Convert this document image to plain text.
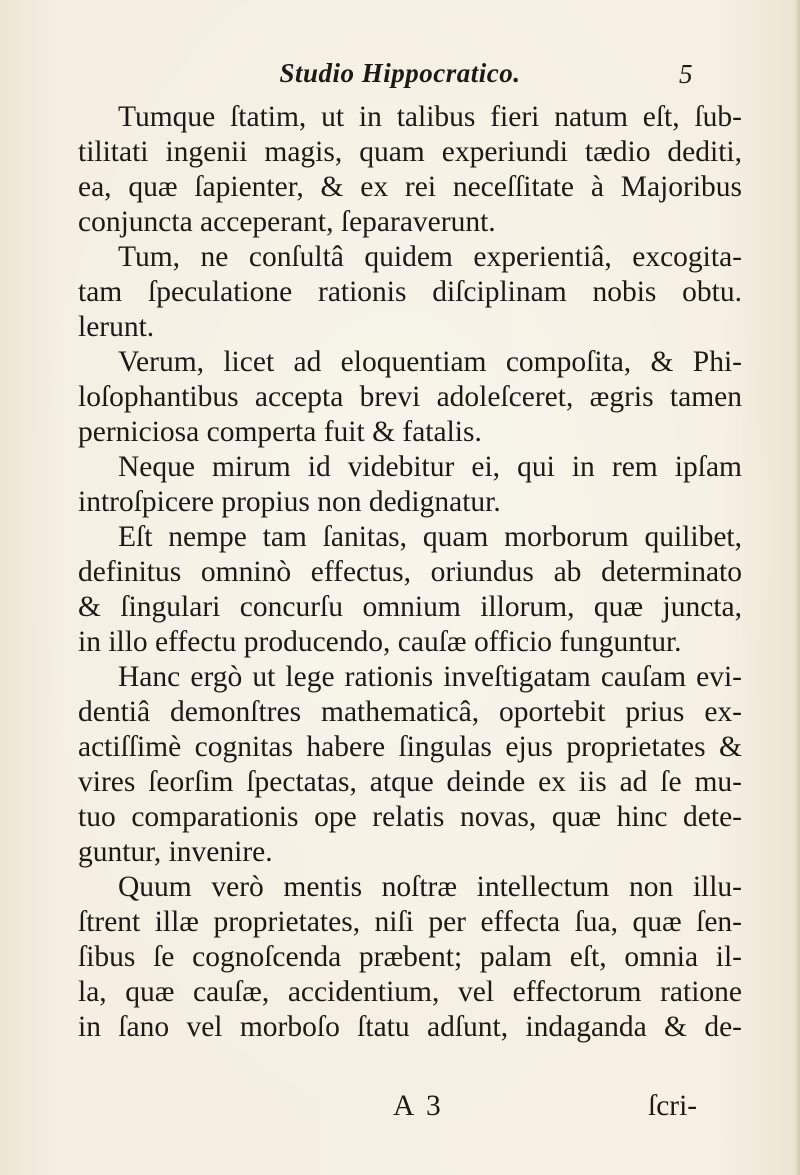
Studio Hippocratico.	5
Tumque ſtatim, ut in talibus fieri natum eſt, ſub-
tilitati ingenii magis, quam experiundi tædio dediti,
ea, quæ ſapienter, & ex rei neceſſitate à Majoribus
conjuncta acceperant, ſeparaverunt.
Tum, ne conſultâ quidem experientiâ, excogita-
tam ſpeculatione rationis diſciplinam nobis obtu.
lerunt.
Verum, licet ad eloquentiam compoſita, & Phi-
loſophantibus accepta brevi adoleſceret, ægris tamen
perniciosa comperta fuit & fatalis.
Neque mirum id videbitur ei, qui in rem ipſam
introſpicere propius non dedignatur.
Eſt nempe tam ſanitas, quam morborum quilibet,
definitus omninò effectus, oriundus ab determinato
& ſingulari concurſu omnium illorum, quæ juncta,
in illo effectu producendo, cauſæ officio funguntur.
Hanc ergò ut lege rationis inveſtigatam cauſam evi-
dentiâ demonſtres mathematicâ, oportebit prius ex-
actiſſimè cognitas habere ſingulas ejus proprietates &
vires ſeorſim ſpectatas, atque deinde ex iis ad ſe mu-
tuo comparationis ope relatis novas, quæ hinc dete-
guntur, invenire.
Quum verò mentis noſtræ intellectum non illu-
ſtrent illæ proprietates, niſi per effecta ſua, quæ ſen-
ſibus ſe cognoſcenda præbent; palam eſt, omnia il-
la, quæ cauſæ, accidentium, vel effectorum ratione
in ſano vel morboſo ſtatu adſunt, indaganda & de-
A 3	ſcri-
